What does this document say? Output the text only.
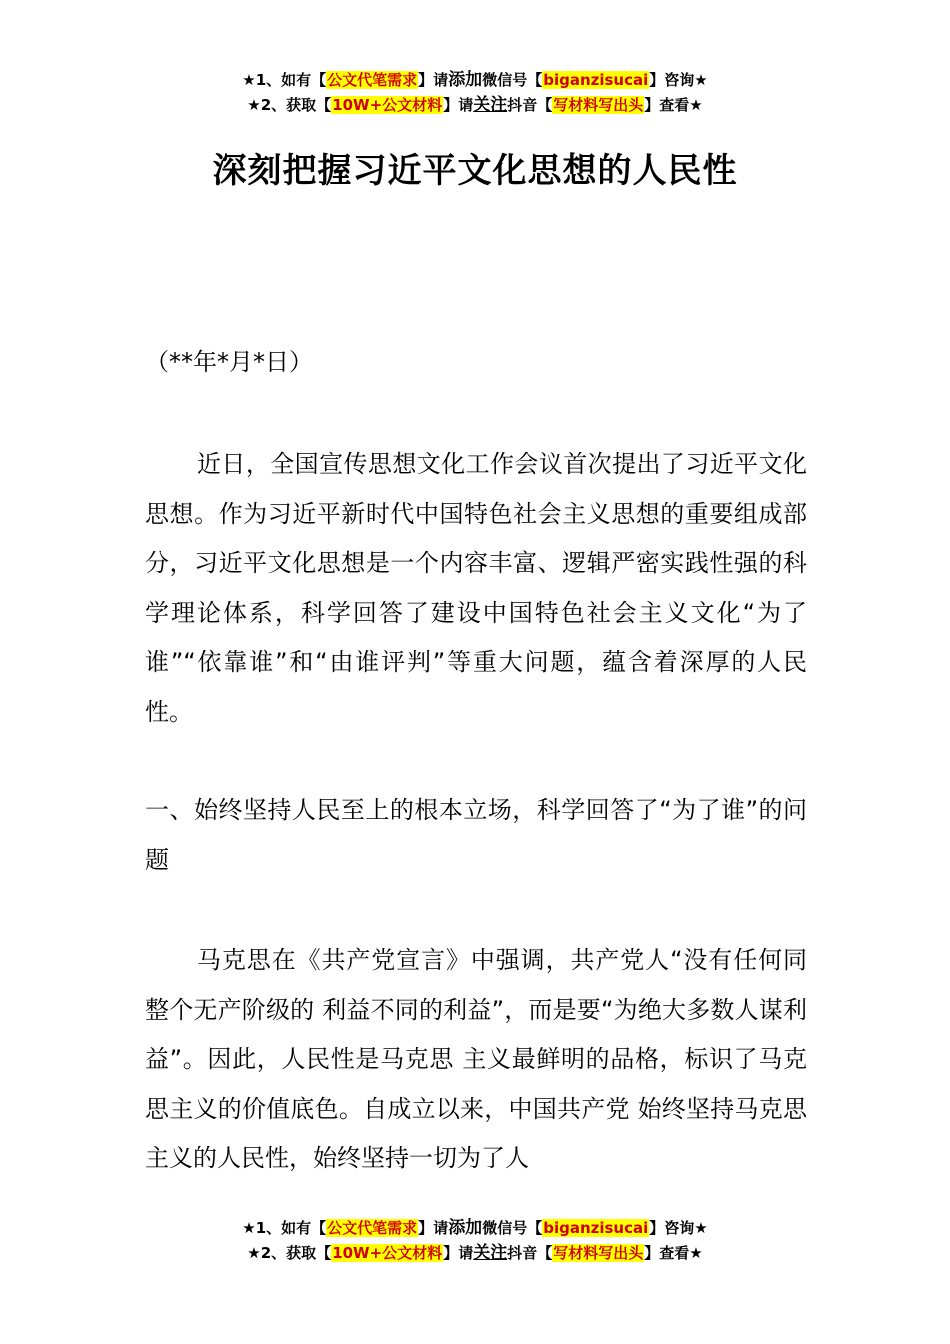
★1、如有【公文代笔需求】请添加微信号【biganzisucai】咨询★
★2、获取【10W+公文材料】请关注抖音【写材料写出头】查看★
深刻把握习近平文化思想的人民性
（**年*月*日）
近日，全国宣传思想文化工作会议首次提出了习近平文化思想。作为习近平新时代中国特色社会主义思想的重要组成部分，习近平文化思想是一个内容丰富、逻辑严密实践性强的科学理论体系，科学回答了建设中国特色社会主义文化“为了谁”“依靠谁”和“由谁评判”等重大问题，蕴含着深厚的人民性。
一、始终坚持人民至上的根本立场，科学回答了“为了谁”的问题
马克思在《共产党宣言》中强调，共产党人“没有任何同整个无产阶级的 利益不同的利益”，而是要“为绝大多数人谋利益”。因此，人民性是马克思 主义最鲜明的品格，标识了马克思主义的价值底色。自成立以来，中国共产党 始终坚持马克思主义的人民性，始终坚持一切为了人
★1、如有【公文代笔需求】请添加微信号【biganzisucai】咨询★
★2、获取【10W+公文材料】请关注抖音【写材料写出头】查看★
